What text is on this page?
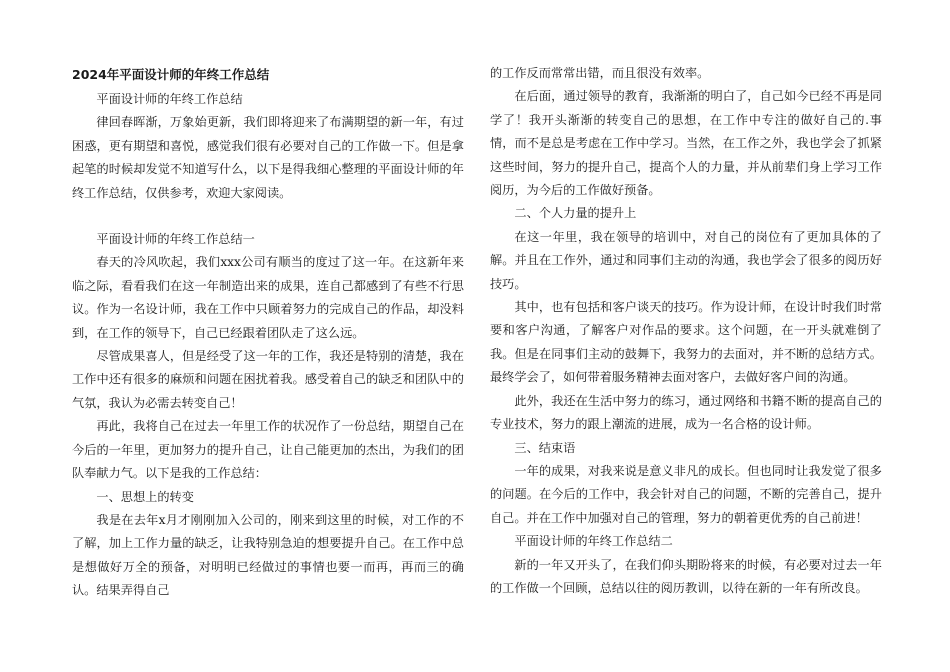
2024年平面设计师的年终工作总结

平面设计师的年终工作总结

律回春晖渐，万象始更新，我们即将迎来了布满期望的新一年，有过困惑，更有期望和喜悦，感觉我们很有必要对自己的工作做一下。但是拿起笔的时候却发觉不知道写什么，以下是得我细心整理的平面设计师的年终工作总结，仅供参考，欢迎大家阅读。

平面设计师的年终工作总结一

春天的冷风吹起，我们xxx公司有顺当的度过了这一年。在这新年来临之际，看看我们在这一年制造出来的成果，连自己都感到了有些不行思议。作为一名设计师，我在工作中只顾着努力的完成自己的作品，却没料到，在工作的领导下，自己已经跟着团队走了这么远。

尽管成果喜人，但是经受了这一年的工作，我还是特别的清楚，我在工作中还有很多的麻烦和问题在困扰着我。感受着自己的缺乏和团队中的气氛，我认为必需去转变自己！

再此，我将自己在过去一年里工作的状况作了一份总结，期望自己在今后的一年里，更加努力的提升自己，让自己能更加的杰出，为我们的团队奉献力气。以下是我的工作总结：

一、思想上的转变

我是在去年x月才刚刚加入公司的，刚来到这里的时候，对工作的不了解，加上工作力量的缺乏，让我特别急迫的想要提升自己。在工作中总是想做好万全的预备，对明明已经做过的事情也要一而再，再而三的确认。结果弄得自己

的工作反而常常出错，而且很没有效率。

在后面，通过领导的教育，我渐渐的明白了，自己如今已经不再是同学了！我开头渐渐的转变自己的思想，在工作中专注的做好自己的.事情，而不是总是考虑在工作中学习。当然，在工作之外，我也学会了抓紧这些时间，努力的提升自己，提高个人的力量，并从前辈们身上学习工作阅历，为今后的工作做好预备。

二、个人力量的提升上

在这一年里，我在领导的培训中，对自己的岗位有了更加具体的了解。并且在工作外，通过和同事们主动的沟通，我也学会了很多的阅历好技巧。

其中，也有包括和客户谈天的技巧。作为设计师，在设计时我们时常要和客户沟通，了解客户对作品的要求。这个问题，在一开头就难倒了我。但是在同事们主动的鼓舞下，我努力的去面对，并不断的总结方式。最终学会了，如何带着服务精神去面对客户，去做好客户间的沟通。

此外，我还在生活中努力的练习，通过网络和书籍不断的提高自己的专业技术，努力的跟上潮流的进展，成为一名合格的设计师。

三、结束语

一年的成果，对我来说是意义非凡的成长。但也同时让我发觉了很多的问题。在今后的工作中，我会针对自己的问题，不断的完善自己，提升自己。并在工作中加强对自己的管理，努力的朝着更优秀的自己前进！

平面设计师的年终工作总结二

新的一年又开头了，在我们仰头期盼将来的时候，有必要对过去一年的工作做一个回顾，总结以往的阅历教训，以待在新的一年有所改良。
